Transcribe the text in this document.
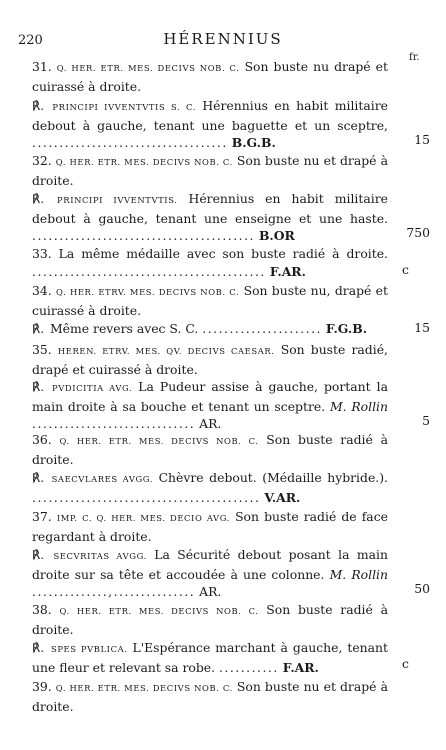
220	HÉRENNIUS
fr.
31. Q. HER. ETR. MES. DECIVS NOB. C. Son buste nu drapé et cuirassé à droite.
℟. PRINCIPI IVVENTVTIS S. C. Hérennius en habit militaire debout à gauche, tenant une baguette et un sceptre, .................................... B.G.B.	15
32. Q. HER. ETR. MES. DECIVS NOB. C. Son buste nu et drapé à droite.
℟. PRINCIPI IVVENTVTIS. Hérennius en habit militaire debout à gauche, tenant une enseigne et une haste. ......................................... B.OR	750
33. La même médaille avec son buste radié à droite. ........................................... F.AR.	c
34. Q. HER. ETRV. MES. DECIVS NOB. C. Son buste nu, drapé et cuirassé à droite.
℟. Même revers avec S. C. ...................... F.G.B.	15
35. HEREN. ETRV. MES. QV. DECIVS CAESAR. Son buste radié, drapé et cuirassé à droite.
℟. PVDICITIA AVG. La Pudeur assise à gauche, portant la main droite à sa bouche et tenant un sceptre. M. Rollin .............................. AR.	5
36. Q. HER. ETR. MES. DECIVS NOB. C. Son buste radié à droite.
℟. SAECVLARES AVGG. Chèvre debout. (Médaille hybride.). .......................................... V.AR.
37. IMP. C. Q. HER. MES. DECIO AVG. Son buste radié de face regardant à droite.
℟. SECVRITAS AVGG. La Sécurité debout posant la main droite sur sa tête et accoudée à une colonne. M. Rollin ..............,............... AR.	50
38. Q. HER. ETR. MES. DECIVS NOB. C. Son buste radié à droite.
℟. SPES PVBLICA. L'Espérance marchant à gauche, tenant une fleur et relevant sa robe. ........... F.AR.	c
39. Q. HER. ETR. MES. DECIVS NOB. C. Son buste nu et drapé à droite.
